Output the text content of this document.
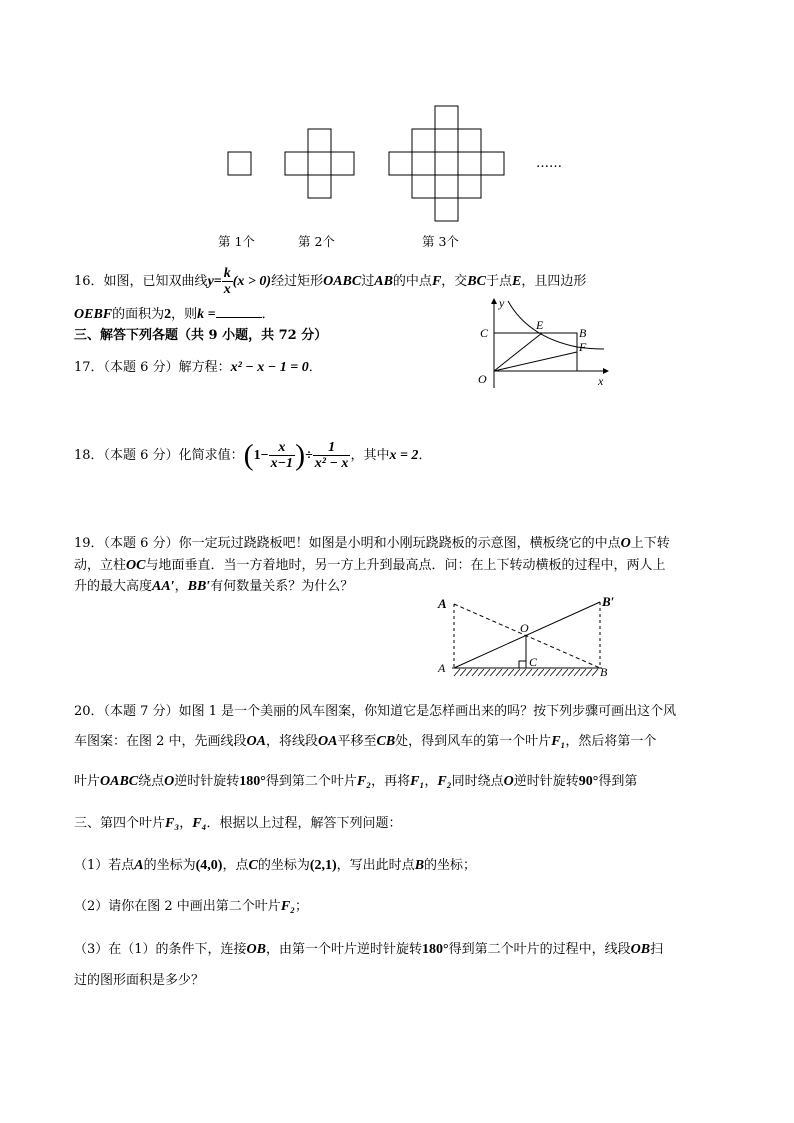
……
第 1个	第 2个	第 3个
16．如图，已知双曲线$y= \frac{k}{x} (x > 0)$经过矩形OABC过AB的中点F，交BC于点E，且四边形
OEBF的面积为2，则k =	．
y
x
O
C
E
B
F
三、解答下列各题（共 9 小题，共 72 分）
17．（本题 6 分）解方程：x² − x − 1 = 0．
18．（本题 6 分）化简求值：($1- \frac{x}{x-1}$ )÷ $\frac{1}{\text{x² − x}}$ ，其中x = 2．
19．（本题 6 分）你一定玩过跷跷板吧！如图是小明和小刚玩跷跷板的示意图，横板绕它的中点O上下转
动，立柱OC与地面垂直．当一方着地时，另一方上升到最高点．问：在上下转动横板的过程中，两人上
升的最大高度AA′，BB′有何数量关系？为什么？
A	B′
O
C
A	B
20．（本题 7 分）如图 1 是一个美丽的风车图案，你知道它是怎样画出来的吗？按下列步骤可画出这个风
车图案：在图 2 中，先画线段OA，将线段OA平移至CB处，得到风车的第一个叶片F₁，然后将第一个
叶片OABC绕点O逆时针旋转180°得到第二个叶片F₂，再将F₁，F₂同时绕点O逆时针旋转90°得到第
三、第四个叶片F₃，F₄．根据以上过程，解答下列问题：
（1）若点A的坐标为(4,0)，点C的坐标为(2,1)，写出此时点B的坐标；
（2）请你在图 2 中画出第二个叶片F₂；
（3）在（1）的条件下，连接OB，由第一个叶片逆时针旋转180°得到第二个叶片的过程中，线段OB扫
过的图形面积是多少？
